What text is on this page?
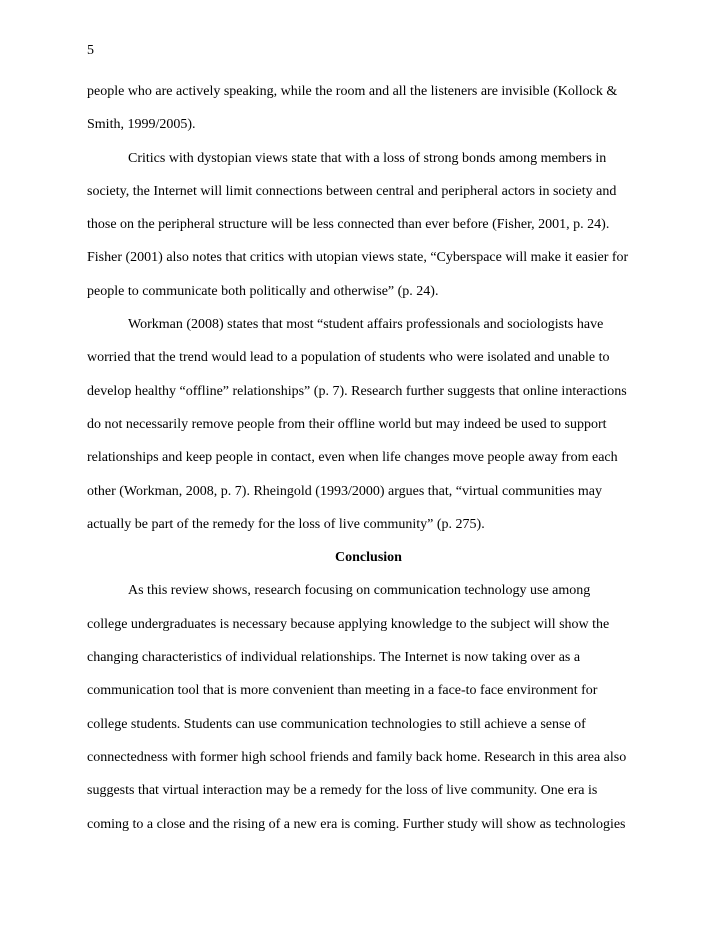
5
people who are actively speaking, while the room and all the listeners are invisible (Kollock &
Smith, 1999/2005).
Critics with dystopian views state that with a loss of strong bonds among members in
society, the Internet will limit connections between central and peripheral actors in society and
those on the peripheral structure will be less connected than ever before (Fisher, 2001, p. 24).
Fisher (2001) also notes that critics with utopian views state, “Cyberspace will make it easier for
people to communicate both politically and otherwise” (p. 24).
Workman (2008) states that most “student affairs professionals and sociologists have
worried that the trend would lead to a population of students who were isolated and unable to
develop healthy “offline” relationships” (p. 7). Research further suggests that online interactions
do not necessarily remove people from their offline world but may indeed be used to support
relationships and keep people in contact, even when life changes move people away from each
other (Workman, 2008, p. 7). Rheingold (1993/2000) argues that, “virtual communities may
actually be part of the remedy for the loss of live community” (p. 275).
Conclusion
As this review shows, research focusing on communication technology use among
college undergraduates is necessary because applying knowledge to the subject will show the
changing characteristics of individual relationships. The Internet is now taking over as a
communication tool that is more convenient than meeting in a face-to face environment for
college students. Students can use communication technologies to still achieve a sense of
connectedness with former high school friends and family back home. Research in this area also
suggests that virtual interaction may be a remedy for the loss of live community. One era is
coming to a close and the rising of a new era is coming. Further study will show as technologies
